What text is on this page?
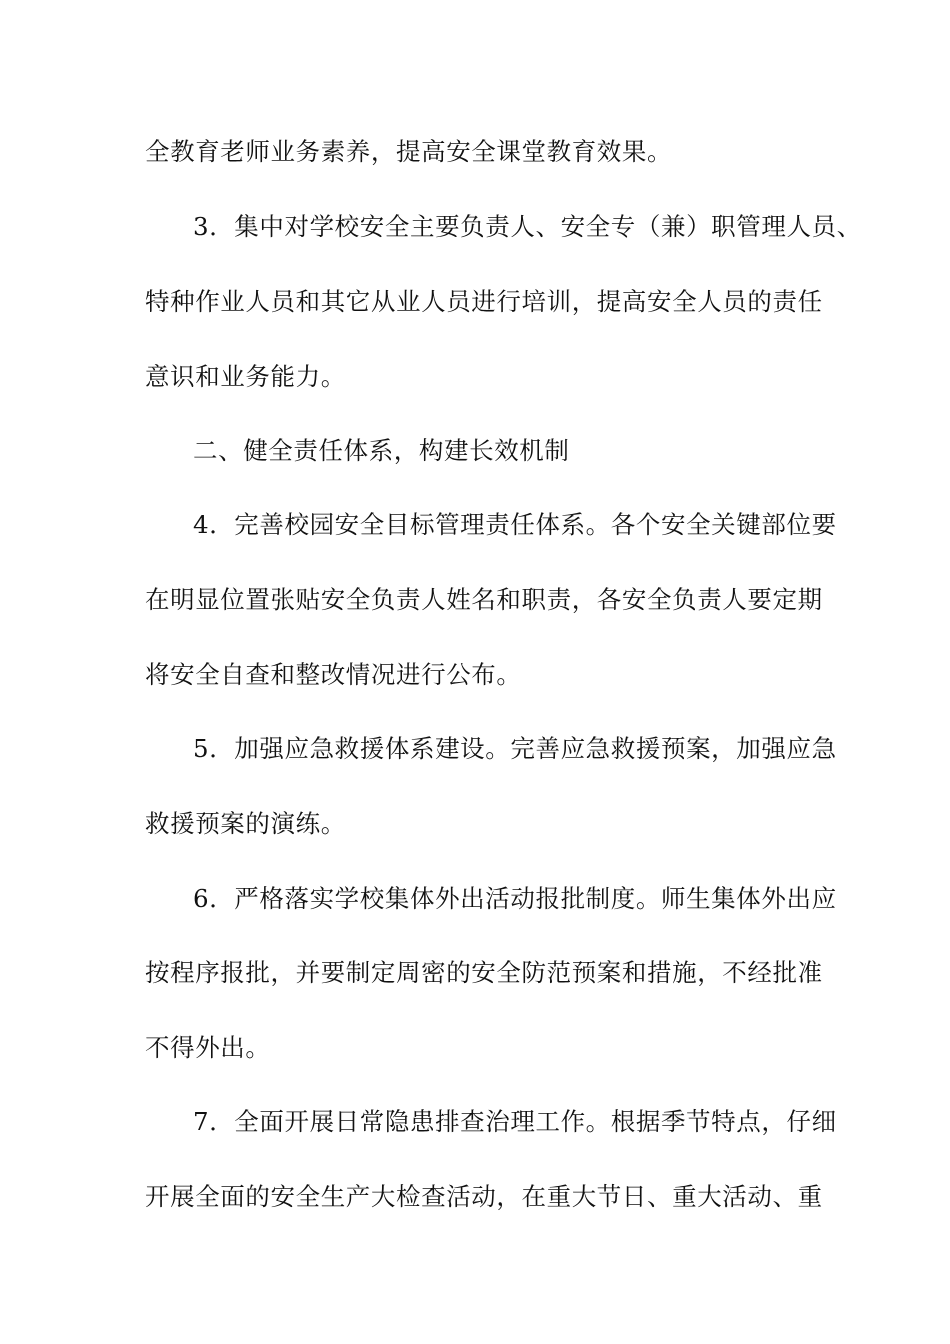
全教育老师业务素养，提高安全课堂教育效果。
3．集中对学校安全主要负责人、安全专（兼）职管理人员、
特种作业人员和其它从业人员进行培训，提高安全人员的责任
意识和业务能力。
二、健全责任体系，构建长效机制
4．完善校园安全目标管理责任体系。各个安全关键部位要
在明显位置张贴安全负责人姓名和职责，各安全负责人要定期
将安全自查和整改情况进行公布。
5．加强应急救援体系建设。完善应急救援预案，加强应急
救援预案的演练。
6．严格落实学校集体外出活动报批制度。师生集体外出应
按程序报批，并要制定周密的安全防范预案和措施，不经批准
不得外出。
7．全面开展日常隐患排查治理工作。根据季节特点，仔细
开展全面的安全生产大检查活动，在重大节日、重大活动、重
